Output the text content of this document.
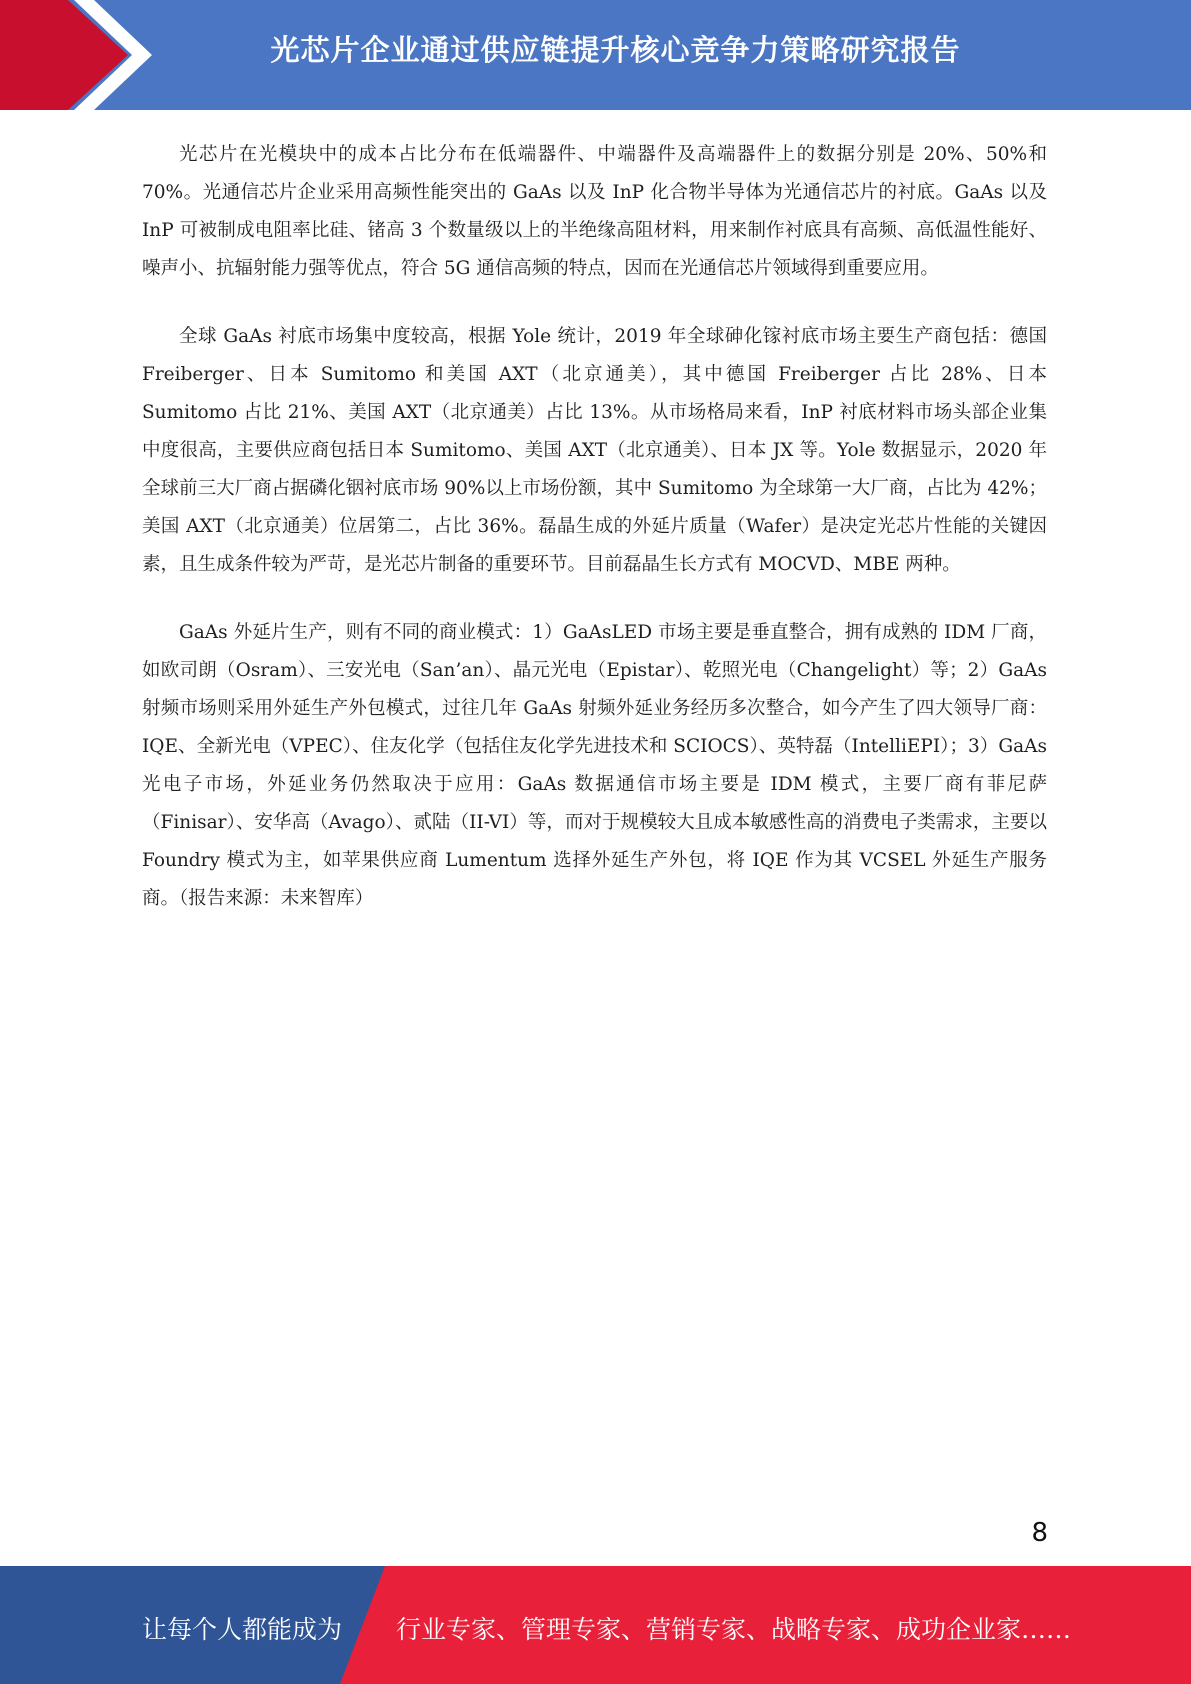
光芯片企业通过供应链提升核心竞争力策略研究报告

光芯片在光模块中的成本占比分布在低端器件、中端器件及高端器件上的数据分别是 20%、50%和 70%。光通信芯片企业采用高频性能突出的 GaAs 以及 InP 化合物半导体为光通信芯片的衬底。GaAs 以及 InP 可被制成电阻率比硅、锗高 3 个数量级以上的半绝缘高阻材料，用来制作衬底具有高频、高低温性能好、噪声小、抗辐射能力强等优点，符合 5G 通信高频的特点，因而在光通信芯片领域得到重要应用。

全球 GaAs 衬底市场集中度较高，根据 Yole 统计，2019 年全球砷化镓衬底市场主要生产商包括：德国 Freiberger、日本 Sumitomo 和美国 AXT（北京通美），其中德国 Freiberger 占比 28%、日本 Sumitomo 占比 21%、美国 AXT（北京通美）占比 13%。从市场格局来看，InP 衬底材料市场头部企业集中度很高，主要供应商包括日本 Sumitomo、美国 AXT（北京通美）、日本 JX 等。Yole 数据显示，2020 年全球前三大厂商占据磷化铟衬底市场 90%以上市场份额，其中 Sumitomo 为全球第一大厂商，占比为 42%；美国 AXT（北京通美）位居第二，占比 36%。磊晶生成的外延片质量（Wafer）是决定光芯片性能的关键因素，且生成条件较为严苛，是光芯片制备的重要环节。目前磊晶生长方式有 MOCVD、MBE 两种。

GaAs 外延片生产，则有不同的商业模式：1）GaAsLED 市场主要是垂直整合，拥有成熟的 IDM 厂商，如欧司朗（Osram）、三安光电（San’an）、晶元光电（Epistar）、乾照光电（Changelight）等；2）GaAs 射频市场则采用外延生产外包模式，过往几年 GaAs 射频外延业务经历多次整合，如今产生了四大领导厂商：IQE、全新光电（VPEC）、住友化学（包括住友化学先进技术和 SCIOCS）、英特磊（IntelliEPI）；3）GaAs 光电子市场，外延业务仍然取决于应用：GaAs 数据通信市场主要是 IDM 模式，主要厂商有菲尼萨（Finisar）、安华高（Avago）、贰陆（II-VI）等，而对于规模较大且成本敏感性高的消费电子类需求，主要以 Foundry 模式为主，如苹果供应商 Lumentum 选择外延生产外包，将 IQE 作为其 VCSEL 外延生产服务商。（报告来源：未来智库）

8
让每个人都能成为 行业专家、管理专家、营销专家、战略专家、成功企业家……
